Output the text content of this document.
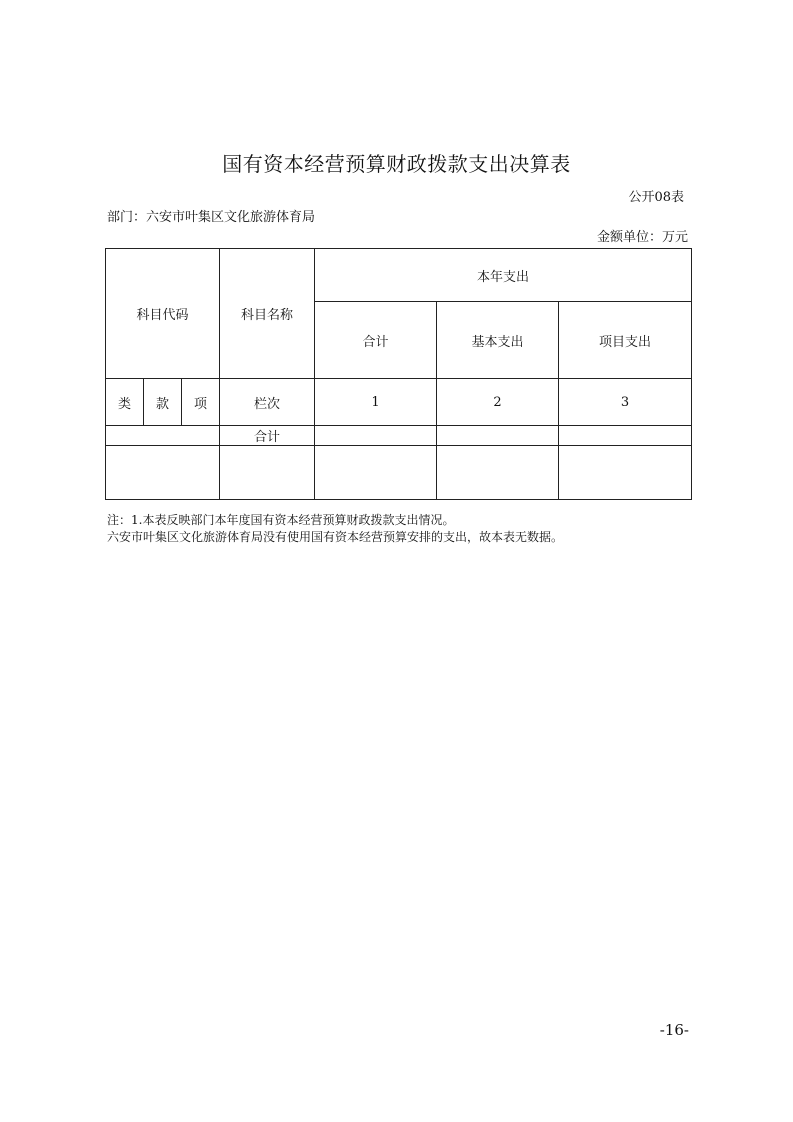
国有资本经营预算财政拨款支出决算表
公开08表
部门：六安市叶集区文化旅游体育局
金额单位：万元
科目代码			科目名称	本年支出		
				合计	基本支出	项目支出
类	款	项	栏次	1	2	3
			合计			

注：1.本表反映部门本年度国有资本经营预算财政拨款支出情况。
六安市叶集区文化旅游体育局没有使用国有资本经营预算安排的支出，故本表无数据。
-16-
